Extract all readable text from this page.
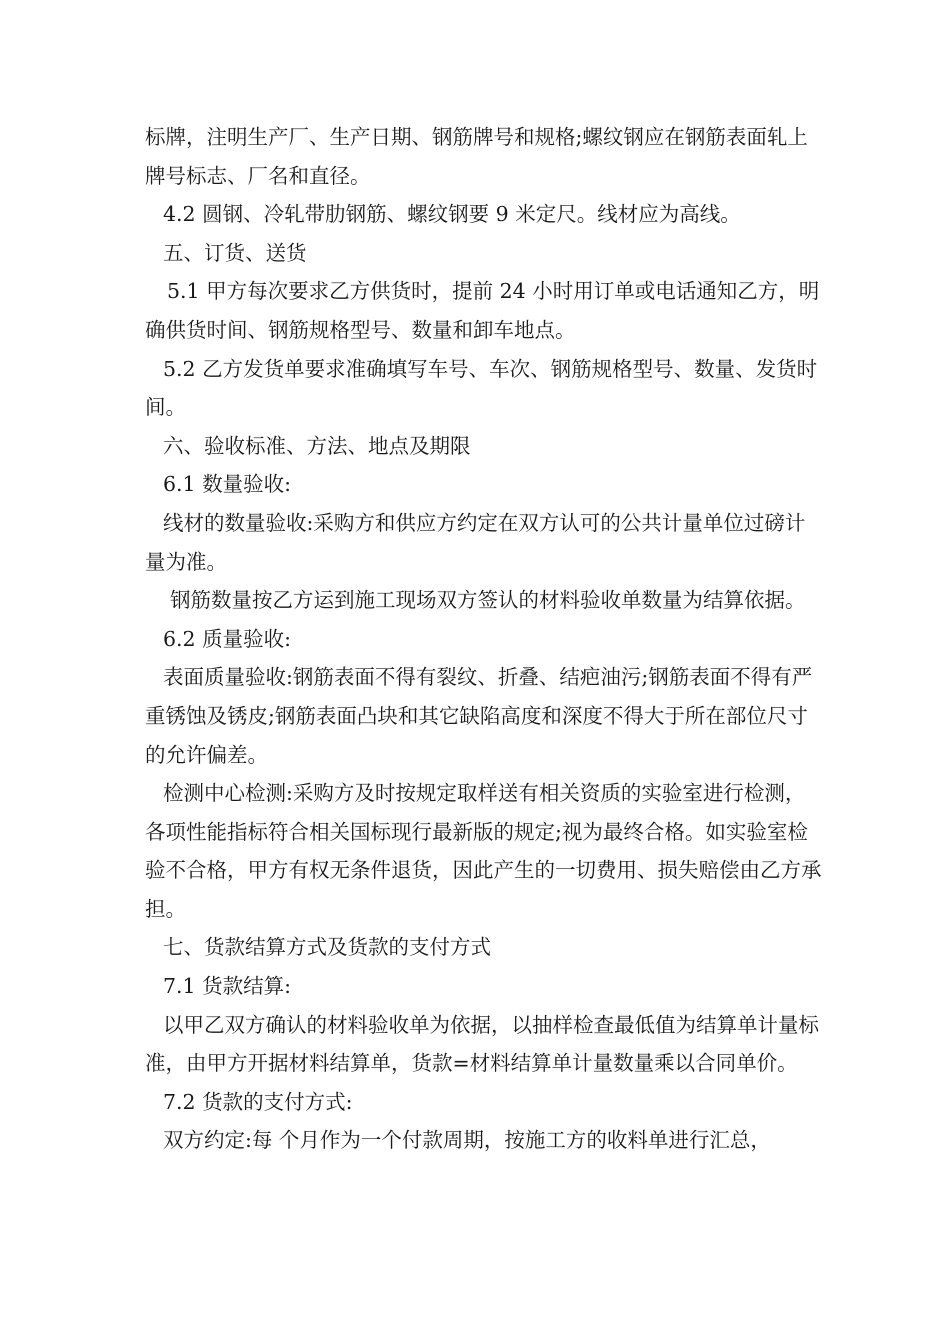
标牌，注明生产厂、生产日期、钢筋牌号和规格;螺纹钢应在钢筋表面轧上牌号标志、厂名和直径。

4.2 圆钢、冷轧带肋钢筋、螺纹钢要 9 米定尺。线材应为高线。

五、订货、送货

5.1 甲方每次要求乙方供货时，提前 24 小时用订单或电话通知乙方，明确供货时间、钢筋规格型号、数量和卸车地点。

5.2 乙方发货单要求准确填写车号、车次、钢筋规格型号、数量、发货时间。

六、验收标准、方法、地点及期限

6.1 数量验收:

线材的数量验收:采购方和供应方约定在双方认可的公共计量单位过磅计量为准。

钢筋数量按乙方运到施工现场双方签认的材料验收单数量为结算依据。

6.2 质量验收:

表面质量验收:钢筋表面不得有裂纹、折叠、结疤油污;钢筋表面不得有严重锈蚀及锈皮;钢筋表面凸块和其它缺陷高度和深度不得大于所在部位尺寸的允许偏差。

检测中心检测:采购方及时按规定取样送有相关资质的实验室进行检测，各项性能指标符合相关国标现行最新版的规定;视为最终合格。如实验室检验不合格，甲方有权无条件退货，因此产生的一切费用、损失赔偿由乙方承担。

七、货款结算方式及货款的支付方式

7.1 货款结算:

以甲乙双方确认的材料验收单为依据，以抽样检查最低值为结算单计量标准，由甲方开据材料结算单，货款=材料结算单计量数量乘以合同单价。

7.2 货款的支付方式:

双方约定:每 个月作为一个付款周期，按施工方的收料单进行汇总，
